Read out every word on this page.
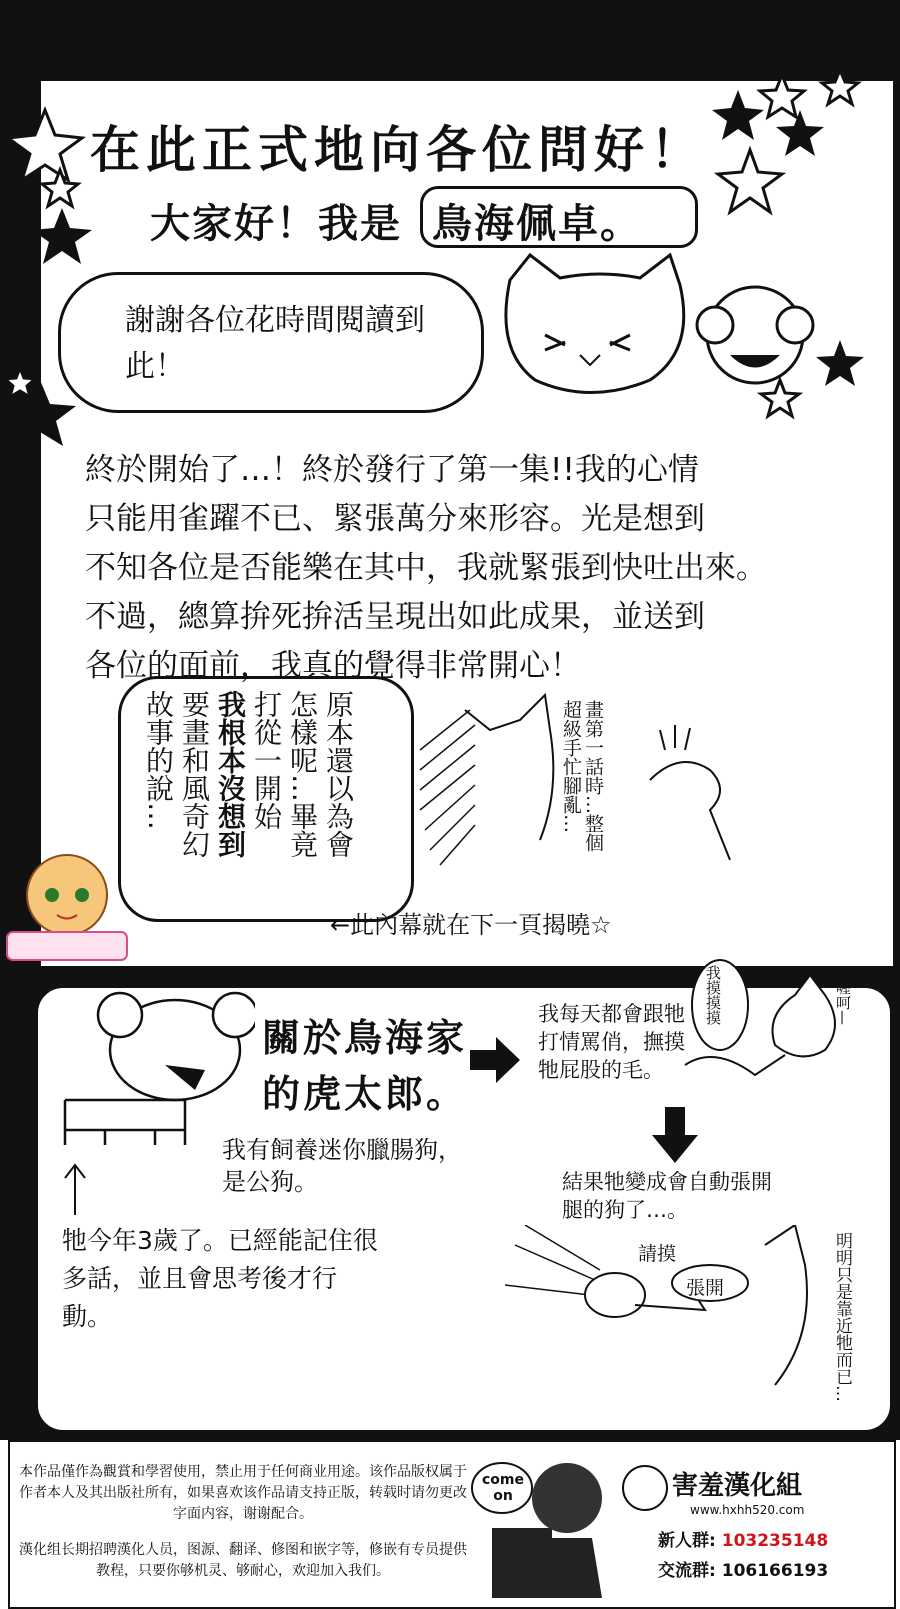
在此正式地向各位問好！
大家好！我是 鳥海佩卓。
謝謝各位花時間閱讀到此！
終於開始了…！終於發行了第一集!!我的心情
只能用雀躍不已、緊張萬分來形容。光是想到
不知各位是否能樂在其中，我就緊張到快吐出來。
不過，總算拚死拚活呈現出如此成果，並送到
各位的面前，我真的覺得非常開心！
原本還以為會
怎樣呢…畢竟
打從一開始
我根本沒想到
要畫和風奇幻
故事的說…	畫第一話時…整個
超級手忙腳亂…
←此內幕就在下一頁揭曉☆
關於鳥海家
的虎太郎。
我有飼養迷你臘腸狗，是公狗。
牠今年3歲了。已經能記住很多話，並且會思考後才行動。
我每天都會跟牠打情罵俏，撫摸牠屁股的毛。
我摸摸摸	喔呵—
結果牠變成會自動張開腿的狗了…。
請摸
張開	明明只是靠近牠而已…
本作品僅作為觀賞和學習使用，禁止用于任何商业用途。该作品版权属于作者本人及其出版社所有，如果喜欢该作品请支持正版，转载时请勿更改字面内容，谢谢配合。
漢化组长期招聘漢化人员，图源、翻译、修图和嵌字等，修嵌有专员提供教程，只要你够机灵、够耐心，欢迎加入我们。
come on	害羞漢化組
www.hxhh520.com
新人群: 103235148
交流群: 106166193
